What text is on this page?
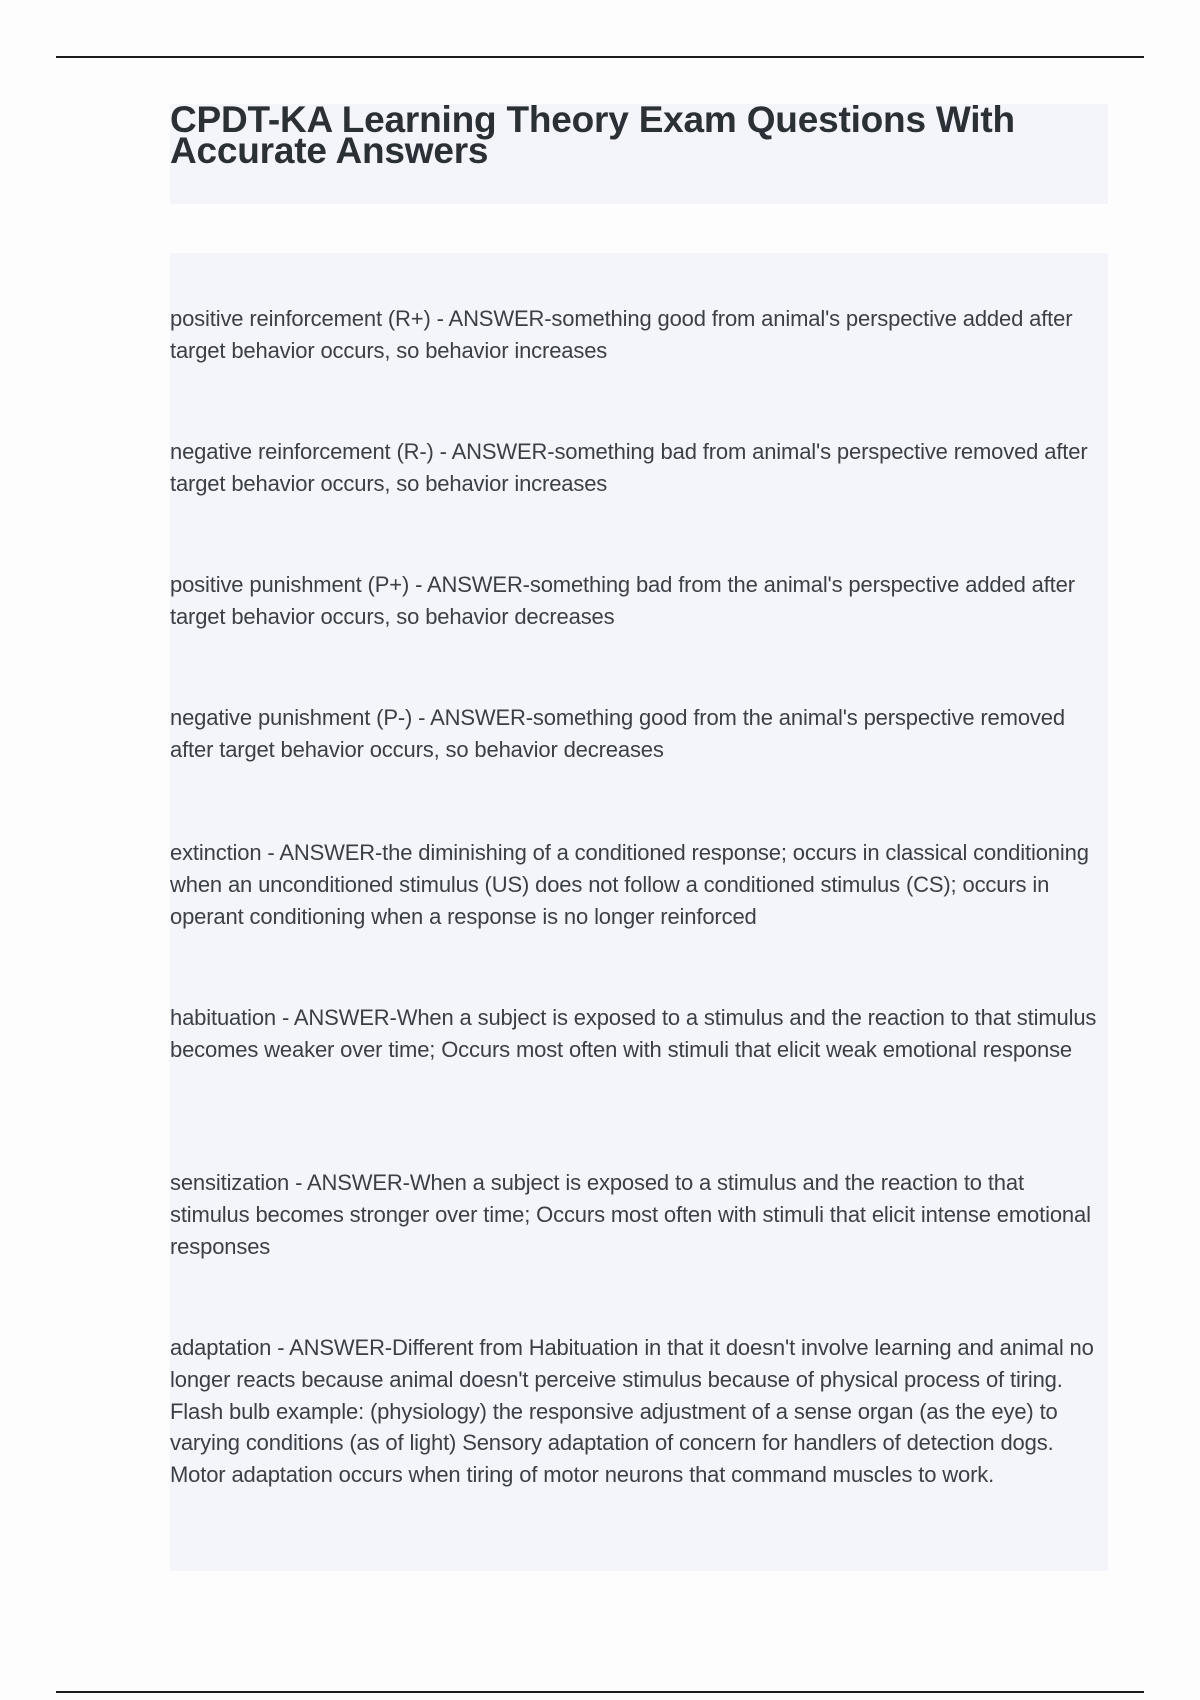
CPDT-KA Learning Theory Exam Questions With
Accurate Answers

positive reinforcement (R+) - ANSWER-something good from animal's perspective added after target behavior occurs, so behavior increases

negative reinforcement (R-) - ANSWER-something bad from animal's perspective removed after target behavior occurs, so behavior increases

positive punishment (P+) - ANSWER-something bad from the animal's perspective added after target behavior occurs, so behavior decreases

negative punishment (P-) - ANSWER-something good from the animal's perspective removed after target behavior occurs, so behavior decreases

extinction - ANSWER-the diminishing of a conditioned response; occurs in classical conditioning when an unconditioned stimulus (US) does not follow a conditioned stimulus (CS); occurs in operant conditioning when a response is no longer reinforced

habituation - ANSWER-When a subject is exposed to a stimulus and the reaction to that stimulus becomes weaker over time; Occurs most often with stimuli that elicit weak emotional response

sensitization - ANSWER-When a subject is exposed to a stimulus and the reaction to that stimulus becomes stronger over time; Occurs most often with stimuli that elicit intense emotional responses

adaptation - ANSWER-Different from Habituation in that it doesn't involve learning and animal no longer reacts because animal doesn't perceive stimulus because of physical process of tiring. Flash bulb example: (physiology) the responsive adjustment of a sense organ (as the eye) to varying conditions (as of light) Sensory adaptation of concern for handlers of detection dogs. Motor adaptation occurs when tiring of motor neurons that command muscles to work.
